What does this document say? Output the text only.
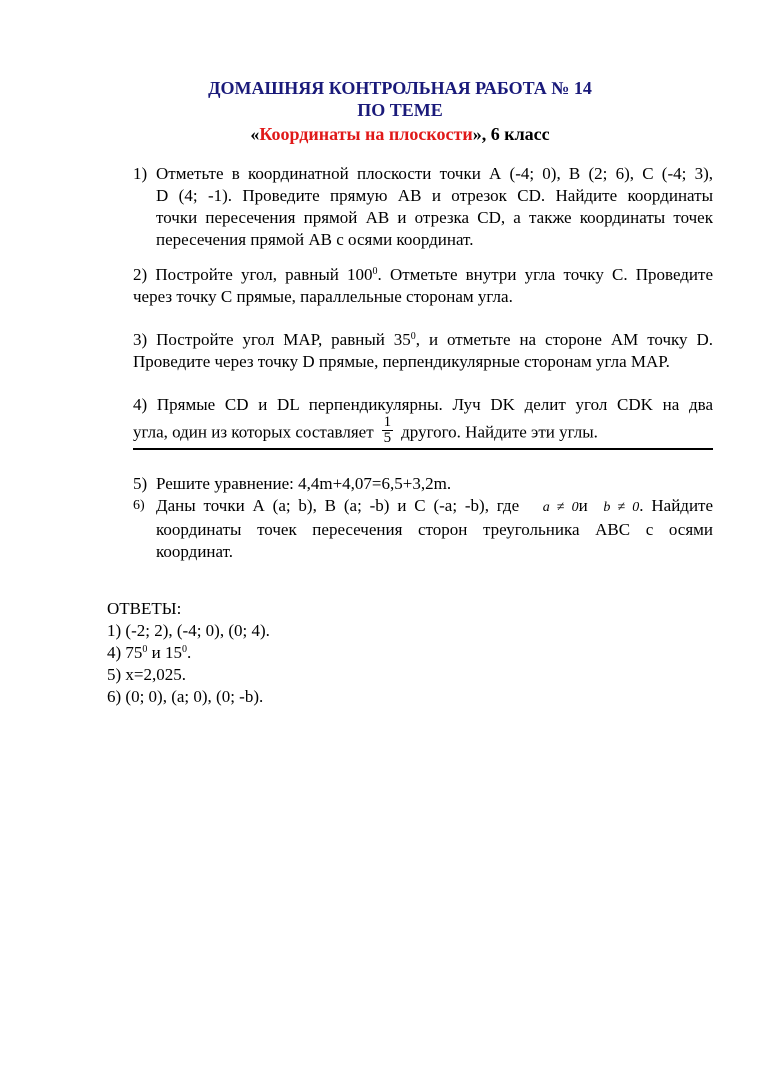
ДОМАШНЯЯ КОНТРОЛЬНАЯ РАБОТА № 14
ПО ТЕМЕ
«Координаты на плоскости», 6 класс
1) Отметьте в координатной плоскости точки А (-4; 0), В (2; 6), С (-4; 3),
D (4; -1). Проведите прямую АВ и отрезок CD. Найдите координаты
точки пересечения прямой АВ и отрезка CD, а также координаты точек
пересечения прямой АВ с осями координат.
2) Постройте угол, равный $100^0$. Отметьте внутри угла точку С. Проведите
через точку С прямые, параллельные сторонам угла.
3) Постройте угол МАР, равный $35^0$, и отметьте на стороне АМ точку D.
Проведите через точку D прямые, перпендикулярные сторонам угла МАР.
4) Прямые CD и DL перпендикулярны. Луч DK делит угол CDK на два
угла, один из которых составляет $\frac{1}{5}$ другого. Найдите эти углы.
5) Решите уравнение: 4,4m+4,07=6,5+3,2m.
6) Даны точки А (а; b), В (а; -b) и С (-а; -b), где a ≠ 0и b ≠ 0. Найдите
координаты точек пересечения сторон треугольника АВС с осями
координат.
ОТВЕТЫ:
1) (-2; 2), (-4; 0), (0; 4).
4) $75^0$ и $15^0$.
5) x=2,025.
6) (0; 0), (a; 0), (0; -b).
